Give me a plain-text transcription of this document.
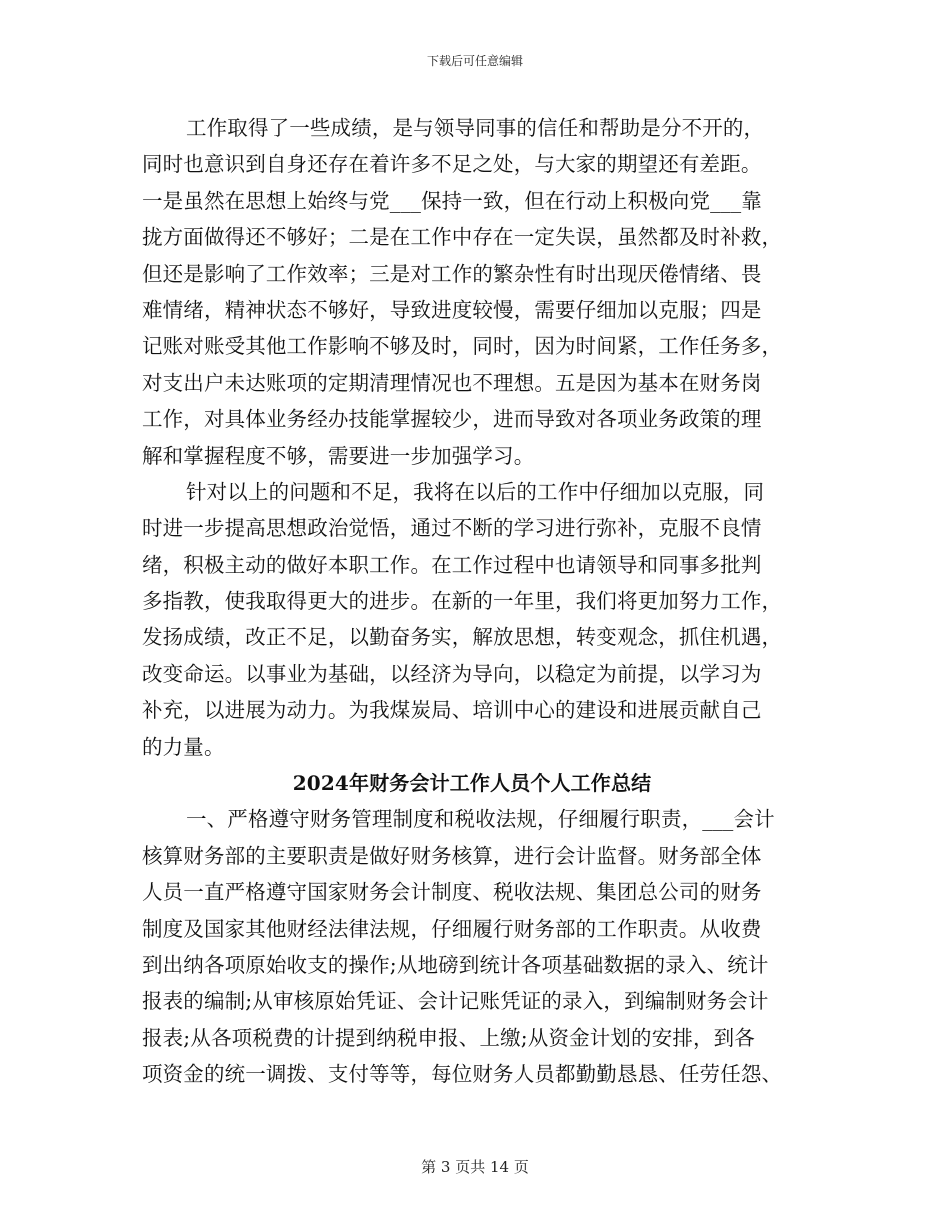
下载后可任意编辑
工作取得了一些成绩，是与领导同事的信任和帮助是分不开的，
同时也意识到自身还存在着许多不足之处，与大家的期望还有差距。
一是虽然在思想上始终与党___保持一致，但在行动上积极向党___靠
拢方面做得还不够好；二是在工作中存在一定失误，虽然都及时补救，
但还是影响了工作效率；三是对工作的繁杂性有时出现厌倦情绪、畏
难情绪，精神状态不够好，导致进度较慢，需要仔细加以克服；四是
记账对账受其他工作影响不够及时，同时，因为时间紧，工作任务多，
对支出户未达账项的定期清理情况也不理想。五是因为基本在财务岗
工作，对具体业务经办技能掌握较少，进而导致对各项业务政策的理
解和掌握程度不够，需要进一步加强学习。
针对以上的问题和不足，我将在以后的工作中仔细加以克服，同
时进一步提高思想政治觉悟，通过不断的学习进行弥补，克服不良情
绪，积极主动的做好本职工作。在工作过程中也请领导和同事多批判
多指教，使我取得更大的进步。在新的一年里，我们将更加努力工作，
发扬成绩，改正不足，以勤奋务实，解放思想，转变观念，抓住机遇，
改变命运。以事业为基础，以经济为导向，以稳定为前提，以学习为
补充，以进展为动力。为我煤炭局、培训中心的建设和进展贡献自己
的力量。
2024年财务会计工作人员个人工作总结
一、严格遵守财务管理制度和税收法规，仔细履行职责，___会计
核算财务部的主要职责是做好财务核算，进行会计监督。财务部全体
人员一直严格遵守国家财务会计制度、税收法规、集团总公司的财务
制度及国家其他财经法律法规，仔细履行财务部的工作职责。从收费
到出纳各项原始收支的操作;从地磅到统计各项基础数据的录入、统计
报表的编制;从审核原始凭证、会计记账凭证的录入，到编制财务会计
报表;从各项税费的计提到纳税申报、上缴;从资金计划的安排，到各
项资金的统一调拨、支付等等，每位财务人员都勤勤恳恳、任劳任怨、
第 3 页共 14 页
